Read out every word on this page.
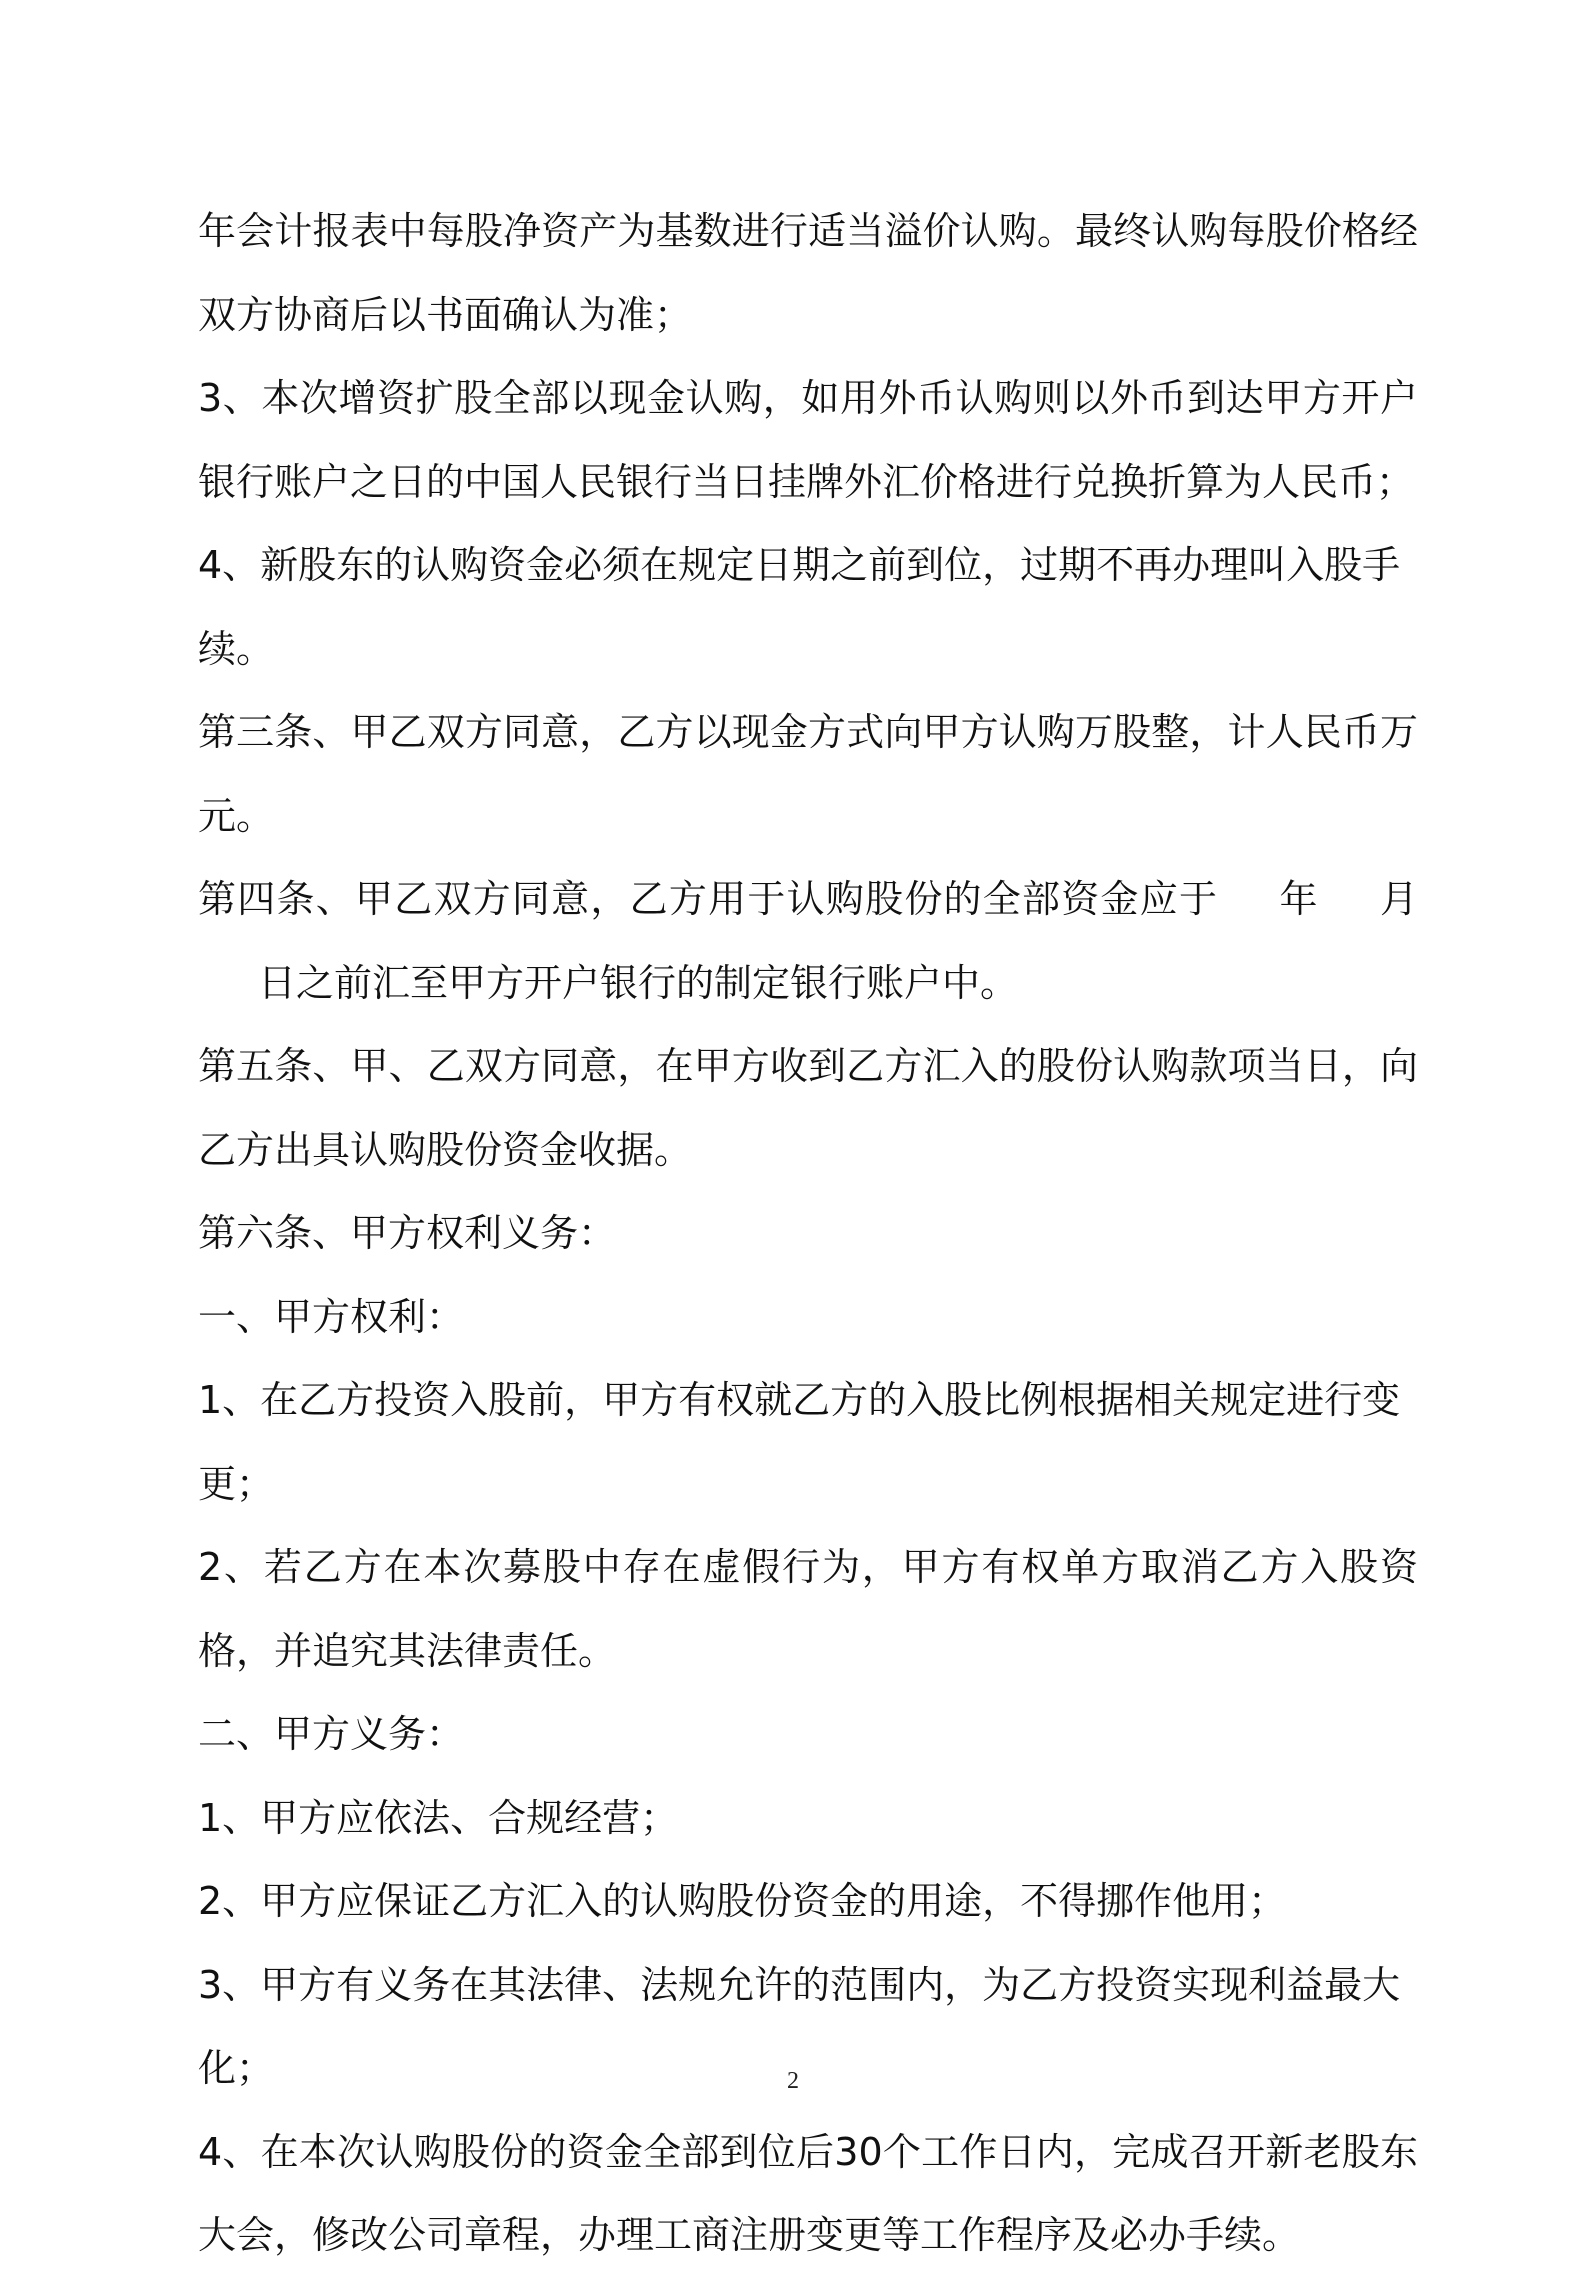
年会计报表中每股净资产为基数进行适当溢价认购。最终认购每股价格经双方协商后以书面确认为准；

3、本次增资扩股全部以现金认购，如用外币认购则以外币到达甲方开户银行账户之日的中国人民银行当日挂牌外汇价格进行兑换折算为人民币；

4、新股东的认购资金必须在规定日期之前到位，过期不再办理叫入股手续。

第三条、甲乙双方同意，乙方以现金方式向甲方认购万股整，计人民币万元。

第四条、甲乙双方同意，乙方用于认购股份的全部资金应于 年 月日之前汇至甲方开户银行的制定银行账户中。

第五条、甲、乙双方同意，在甲方收到乙方汇入的股份认购款项当日，向乙方出具认购股份资金收据。

第六条、甲方权利义务：

一、甲方权利：

1、在乙方投资入股前，甲方有权就乙方的入股比例根据相关规定进行变更；

2、若乙方在本次募股中存在虚假行为，甲方有权单方取消乙方入股资格，并追究其法律责任。

二、甲方义务：

1、甲方应依法、合规经营；

2、甲方应保证乙方汇入的认购股份资金的用途，不得挪作他用；

3、甲方有义务在其法律、法规允许的范围内，为乙方投资实现利益最大化；

4、在本次认购股份的资金全部到位后30个工作日内，完成召开新老股东大会，修改公司章程，办理工商注册变更等工作程序及必办手续。

2
